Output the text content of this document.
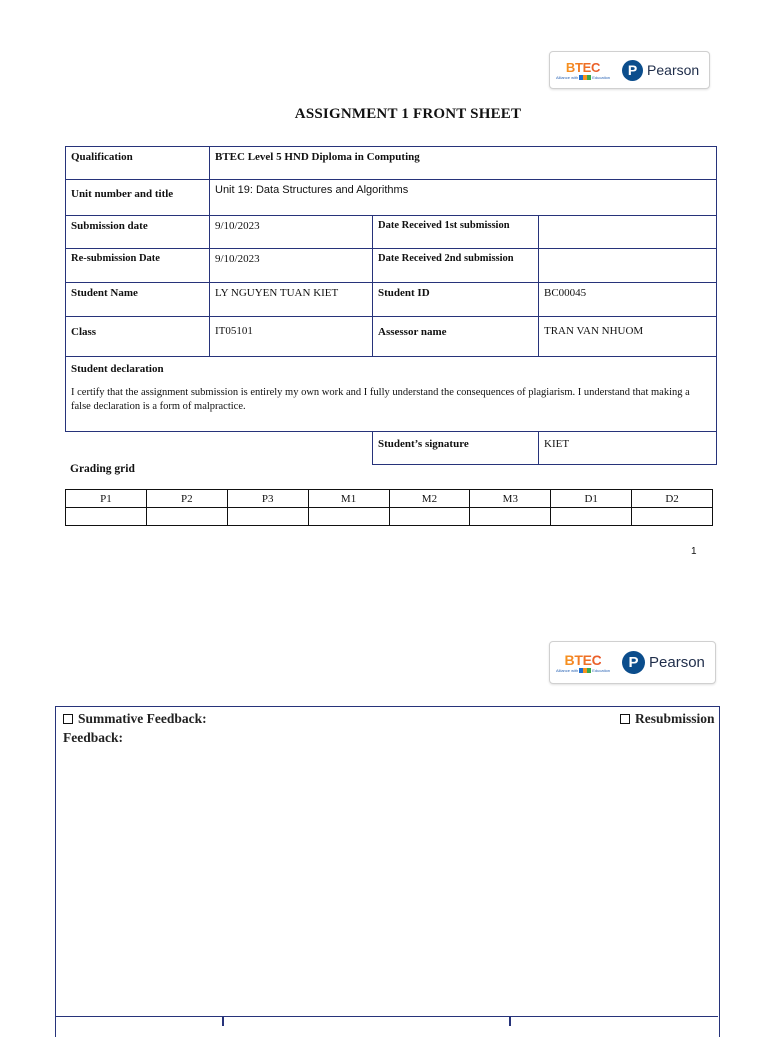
BTEC
Alliance with	Education	P Pearson
ASSIGNMENT 1 FRONT SHEET
Qualification	BTEC Level 5 HND Diploma in Computing		
Unit number and title	Unit 19: Data Structures and Algorithms		
Submission date	9/10/2023	Date Received 1st submission	
Re-submission Date	9/10/2023	Date Received 2nd submission	
Student Name	LY NGUYEN TUAN KIET	Student ID	BC00045
Class	IT05101	Assessor name	TRAN VAN NHUOM

Student declaration
I certify that the assignment submission is entirely my own work and I fully understand the consequences of plagiarism. I understand that making a false declaration is a form of malpractice.			

		Student’s signature	KIET
Grading grid
P1	P2	P3	M1	M2	M3	D1	D2

1
BTEC
Alliance with	Education	P Pearson
Summative Feedback:	Resubmission
Feedback:
